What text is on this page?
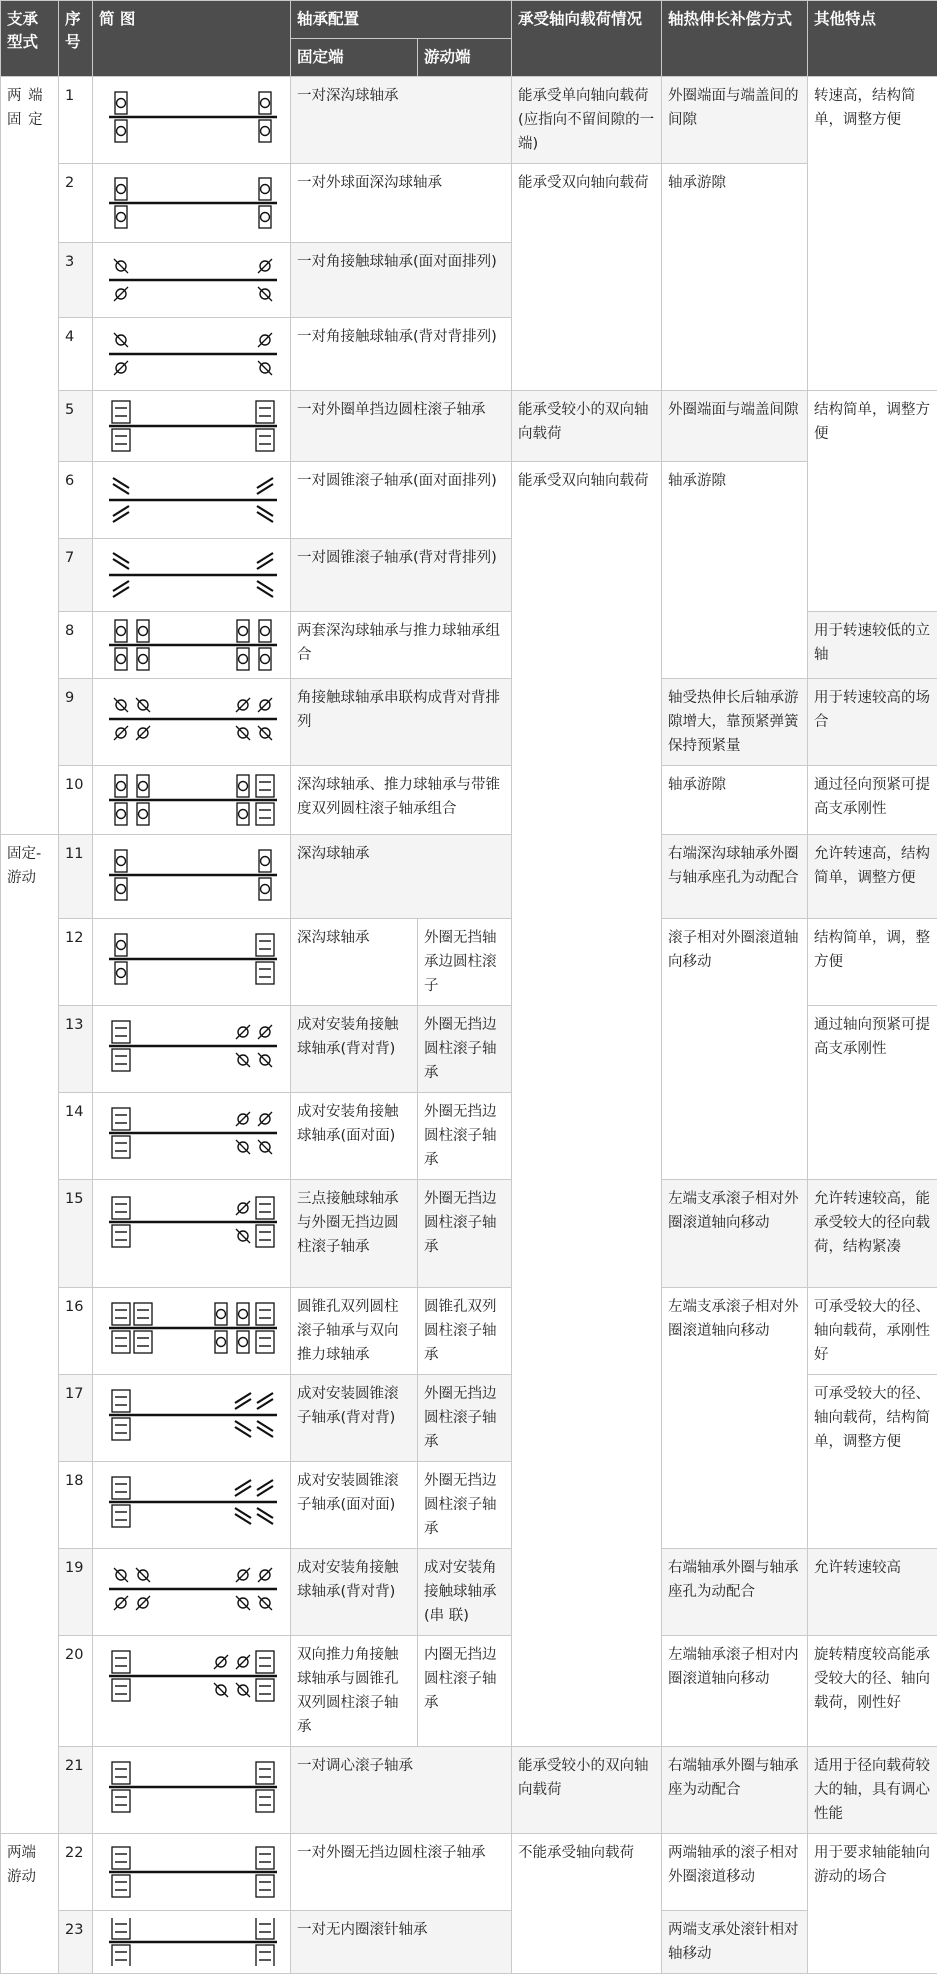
支承型式	序号	简 图	轴承配置		承受轴向载荷情况	轴热伸长补偿方式	其他特点
			固定端	游动端			
两 端 固 定	1		一对深沟球轴承		能承受单向轴向载荷(应指向不留间隙的一端)	外圈端面与端盖间的间隙	转速高，结构简单，调整方便
	2		一对外球面深沟球轴承		能承受双向轴向载荷	轴承游隙	
	3		一对角接触球轴承(面对面排列)				
	4		一对角接触球轴承(背对背排列)				
	5		一对外圈单挡边圆柱滚子轴承		能承受较小的双向轴向载荷	外圈端面与端盖间隙	结构简单，调整方便
	6		一对圆锥滚子轴承(面对面排列)		能承受双向轴向载荷	轴承游隙	
	7		一对圆锥滚子轴承(背对背排列)				
	8		两套深沟球轴承与推力球轴承组合				用于转速较低的立轴
	9		角接触球轴承串联构成背对背排列			轴受热伸长后轴承游隙增大，靠预紧弹簧保持预紧量	用于转速较高的场合
	10		深沟球轴承、推力球轴承与带锥度双列圆柱滚子轴承组合			轴承游隙	通过径向预紧可提高支承刚性
固定-游动	11		深沟球轴承			右端深沟球轴承外圈与轴承座孔为动配合	允许转速高，结构简单，调整方便
	12		深沟球轴承	外圈无挡轴承边圆柱滚子		滚子相对外圈滚道轴向移动	结构简单，调，整方便
	13		成对安装角接触球轴承(背对背)	外圈无挡边圆柱滚子轴承			通过轴向预紧可提高支承刚性
	14		成对安装角接触球轴承(面对面)	外圈无挡边圆柱滚子轴承			
	15		三点接触球轴承与外圈无挡边圆柱滚子轴承	外圈无挡边圆柱滚子轴承		左端支承滚子相对外圈滚道轴向移动	允许转速较高，能承受较大的径向载荷，结构紧凑
	16		圆锥孔双列圆柱滚子轴承与双向推力球轴承	圆锥孔双列圆柱滚子轴承		左端支承滚子相对外圈滚道轴向移动	可承受较大的径、轴向载荷，承刚性好
	17		成对安装圆锥滚子轴承(背对背)	外圈无挡边圆柱滚子轴承			可承受较大的径、轴向载荷，结构简单，调整方便
	18		成对安装圆锥滚子轴承(面对面)	外圈无挡边圆柱滚子轴承			
	19		成对安装角接触球轴承(背对背)	成对安装角接触球轴承(串 联)		右端轴承外圈与轴承座孔为动配合	允许转速较高
	20		双向推力角接触球轴承与圆锥孔双列圆柱滚子轴承	内圈无挡边圆柱滚子轴承		左端轴承滚子相对内圈滚道轴向移动	旋转精度较高能承受较大的径、轴向载荷，刚性好
	21		一对调心滚子轴承		能承受较小的双向轴向载荷	右端轴承外圈与轴承座为动配合	适用于径向载荷较大的轴，具有调心性能
两端 游动	22		一对外圈无挡边圆柱滚子轴承		不能承受轴向载荷	两端轴承的滚子相对外圈滚道移动	用于要求轴能轴向游动的场合
	23		一对无内圈滚针轴承			两端支承处滚针相对轴移动	
